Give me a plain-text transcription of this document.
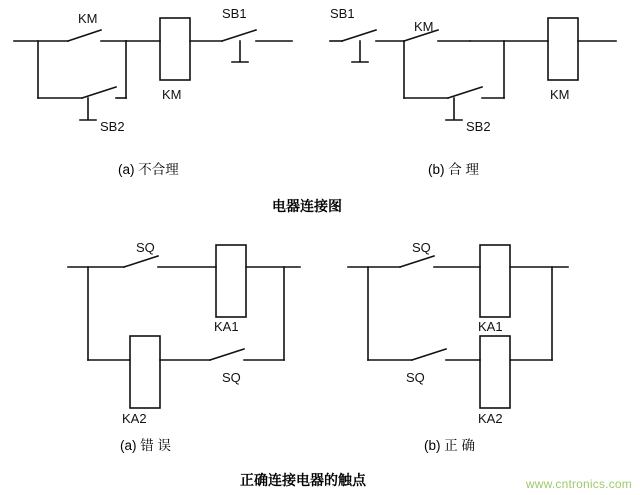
KM	SB1
KM
SB2
SB1
KM
KM
SB2
(a) 不合理	(b) 合 理
电器连接图
SQ
KA1
SQ
KA2
SQ
KA1
SQ
KA2
(a) 错 误	(b) 正 确
正确连接电器的触点	www.cntronics.com
